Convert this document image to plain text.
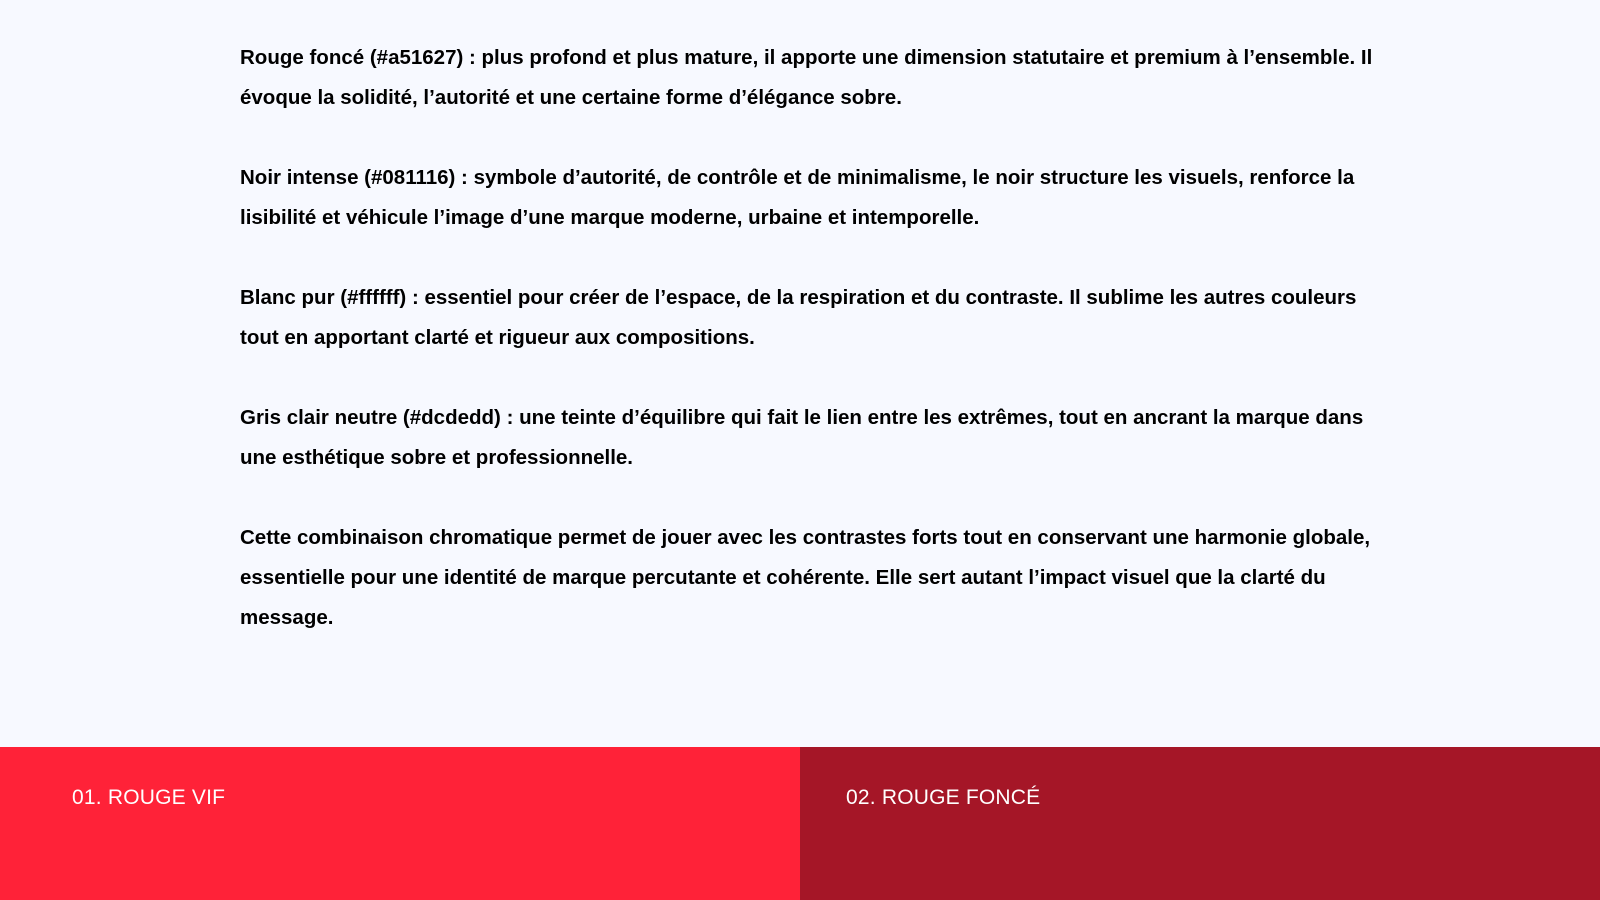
Rouge foncé (#a51627) : plus profond et plus mature, il apporte une dimension statutaire et premium à l’ensemble. Il évoque la solidité, l’autorité et une certaine forme d’élégance sobre.

Noir intense (#081116) : symbole d’autorité, de contrôle et de minimalisme, le noir structure les visuels, renforce la lisibilité et véhicule l’image d’une marque moderne, urbaine et intemporelle.

Blanc pur (#ffffff) : essentiel pour créer de l’espace, de la respiration et du contraste. Il sublime les autres couleurs tout en apportant clarté et rigueur aux compositions.

Gris clair neutre (#dcdedd) : une teinte d’équilibre qui fait le lien entre les extrêmes, tout en ancrant la marque dans une esthétique sobre et professionnelle.

Cette combinaison chromatique permet de jouer avec les contrastes forts tout en conservant une harmonie globale, essentielle pour une identité de marque percutante et cohérente. Elle sert autant l’impact visuel que la clarté du message.

01. ROUGE VIF	02. ROUGE FONCÉ
